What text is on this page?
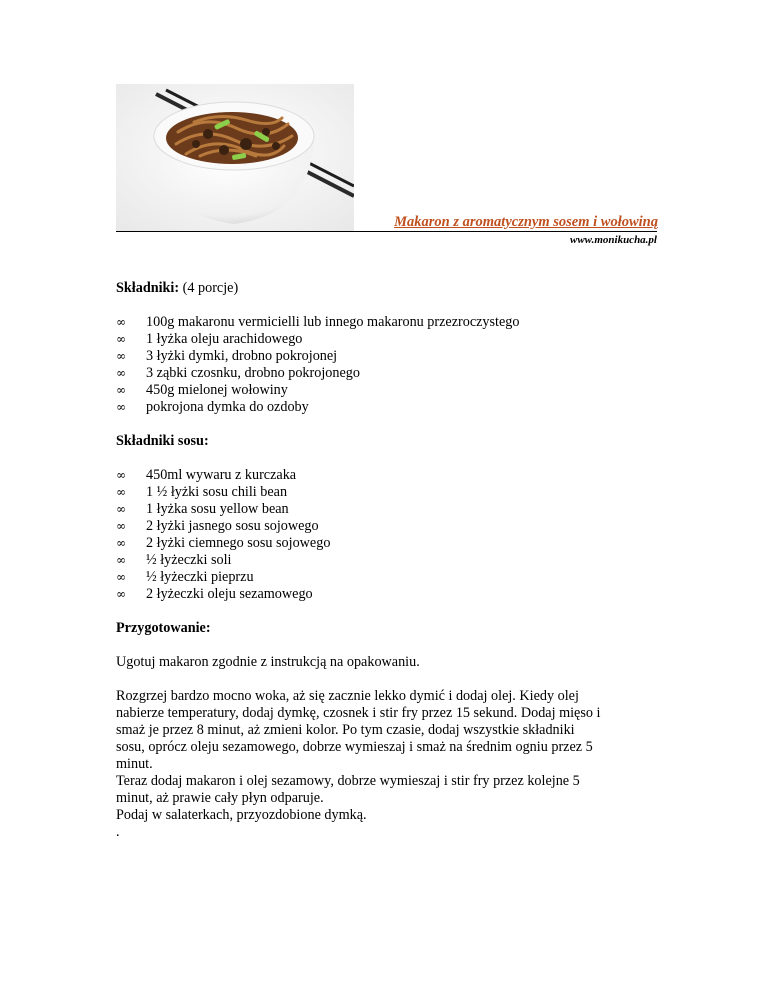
Makaron z aromatycznym sosem i wołowiną
www.monikucha.pl

Składniki: (4 porcje)

∞ 100g makaronu vermicielli lub innego makaronu przezroczystego
∞ 1 łyżka oleju arachidowego
∞ 3 łyżki dymki, drobno pokrojonej
∞ 3 ząbki czosnku, drobno pokrojonego
∞ 450g mielonej wołowiny
∞ pokrojona dymka do ozdoby

Składniki sosu:

∞ 450ml wywaru z kurczaka
∞ 1 ½ łyżki sosu chili bean
∞ 1 łyżka sosu yellow bean
∞ 2 łyżki jasnego sosu sojowego
∞ 2 łyżki ciemnego sosu sojowego
∞ ½ łyżeczki soli
∞ ½ łyżeczki pieprzu
∞ 2 łyżeczki oleju sezamowego

Przygotowanie:

Ugotuj makaron zgodnie z instrukcją na opakowaniu.

Rozgrzej bardzo mocno woka, aż się zacznie lekko dymić i dodaj olej. Kiedy olej
nabierze temperatury, dodaj dymkę, czosnek i stir fry przez 15 sekund. Dodaj mięso i
smaż je przez 8 minut, aż zmieni kolor. Po tym czasie, dodaj wszystkie składniki
sosu, oprócz oleju sezamowego, dobrze wymieszaj i smaż na średnim ogniu przez 5
minut.
Teraz dodaj makaron i olej sezamowy, dobrze wymieszaj i stir fry przez kolejne 5
minut, aż prawie cały płyn odparuje.
Podaj w salaterkach, przyozdobione dymką.
.
